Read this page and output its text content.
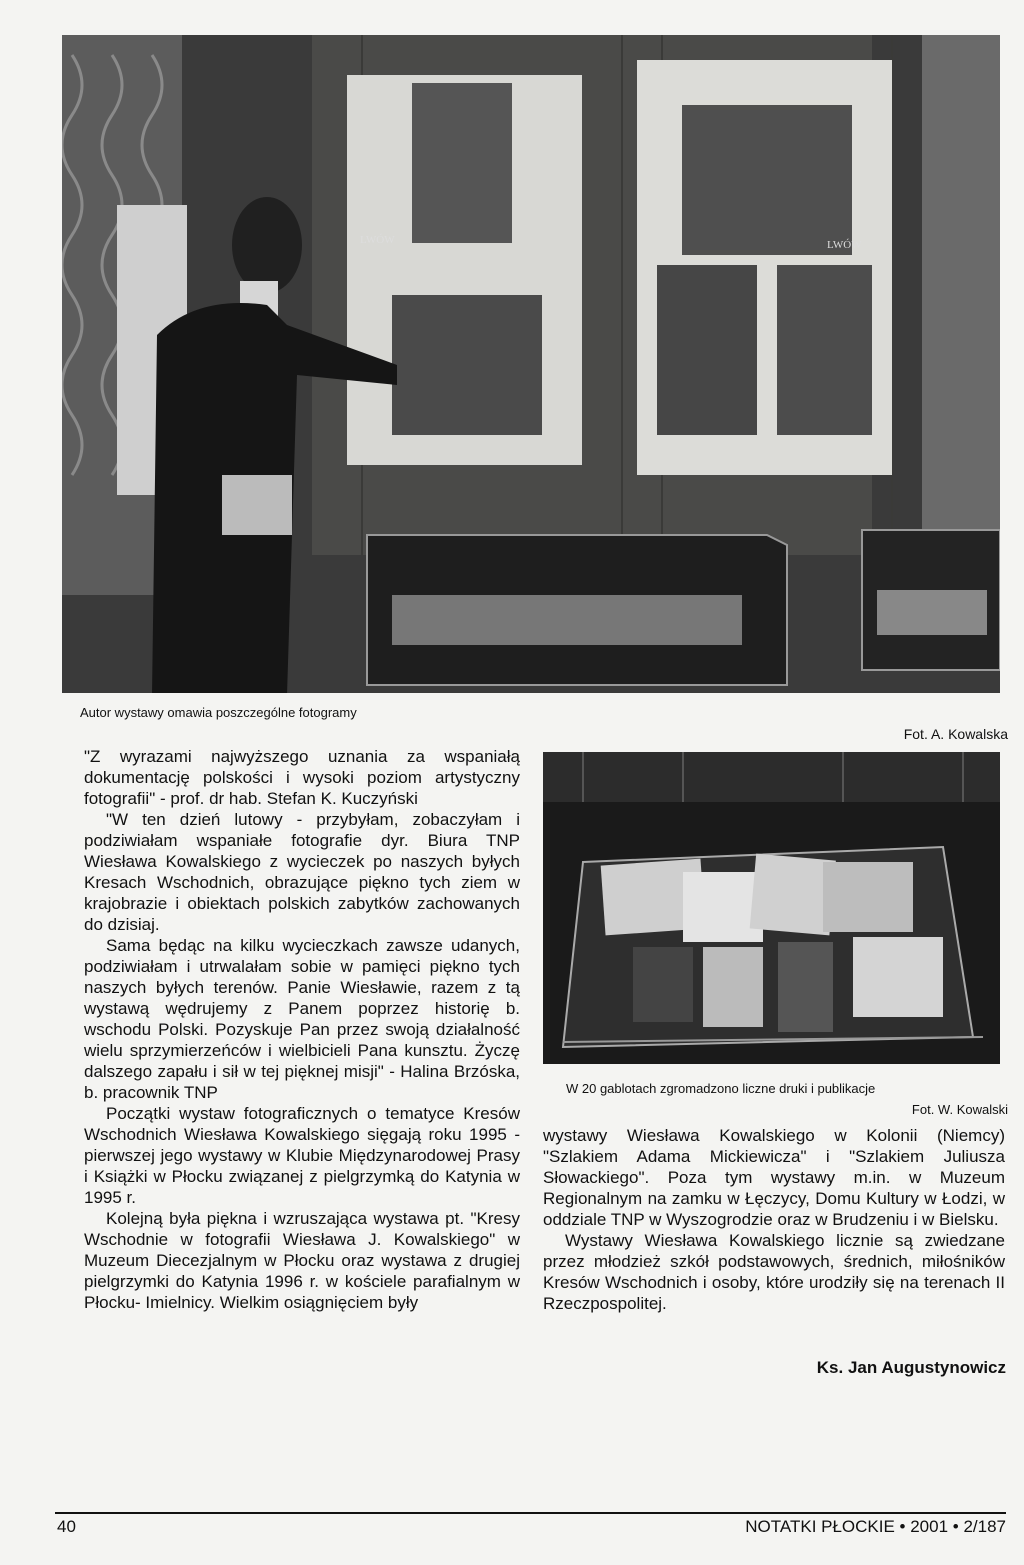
LWÓW	LWÓW
Autor wystawy omawia poszczególne fotogramy
Fot. A. Kowalska
W 20 gablotach zgromadzono liczne druki i publikacje
Fot. W. Kowalski

"Z wyrazami najwyższego uznania za wspaniałą dokumentację polskości i wysoki poziom artystyczny fotografii" - prof. dr hab. Stefan K. Kuczyński

"W ten dzień lutowy - przybyłam, zobaczyłam i podziwiałam wspaniałe fotografie dyr. Biura TNP Wiesława Kowalskiego z wycieczek po naszych byłych Kresach Wschodnich, obrazujące piękno tych ziem w krajobrazie i obiektach polskich zabytków zachowanych do dzisiaj.

Sama będąc na kilku wycieczkach zawsze udanych, podziwiałam i utrwalałam sobie w pamięci piękno tych naszych byłych terenów. Panie Wiesławie, razem z tą wystawą wędrujemy z Panem poprzez historię b. wschodu Polski. Pozyskuje Pan przez swoją działalność wielu sprzymierzeńców i wielbicieli Pana kunsztu. Życzę dalszego zapału i sił w tej pięknej misji" - Halina Brzóska, b. pracownik TNP

Początki wystaw fotograficznych o tematyce Kresów Wschodnich Wiesława Kowalskiego sięgają roku 1995 - pierwszej jego wystawy w Klubie Międzynarodowej Prasy i Książki w Płocku związanej z pielgrzymką do Katynia w 1995 r.

Kolejną była piękna i wzruszająca wystawa pt. "Kresy Wschodnie w fotografii Wiesława J. Kowalskiego" w Muzeum Diecezjalnym w Płocku oraz wystawa z drugiej pielgrzymki do Katynia 1996 r. w kościele parafialnym w Płocku- Imielnicy. Wielkim osiągnięciem były

wystawy Wiesława Kowalskiego w Kolonii (Niemcy) "Szlakiem Adama Mickiewicza" i "Szlakiem Juliusza Słowackiego". Poza tym wystawy m.in. w Muzeum Regionalnym na zamku w Łęczycy, Domu Kultury w Łodzi, w oddziale TNP w Wyszogrodzie oraz w Brudzeniu i w Bielsku.

Wystawy Wiesława Kowalskiego licznie są zwiedzane przez młodzież szkół podstawowych, średnich, miłośników Kresów Wschodnich i osoby, które urodziły się na terenach II Rzeczpospolitej.

Ks. Jan Augustynowicz
40	NOTATKI PŁOCKIE • 2001 • 2/187
